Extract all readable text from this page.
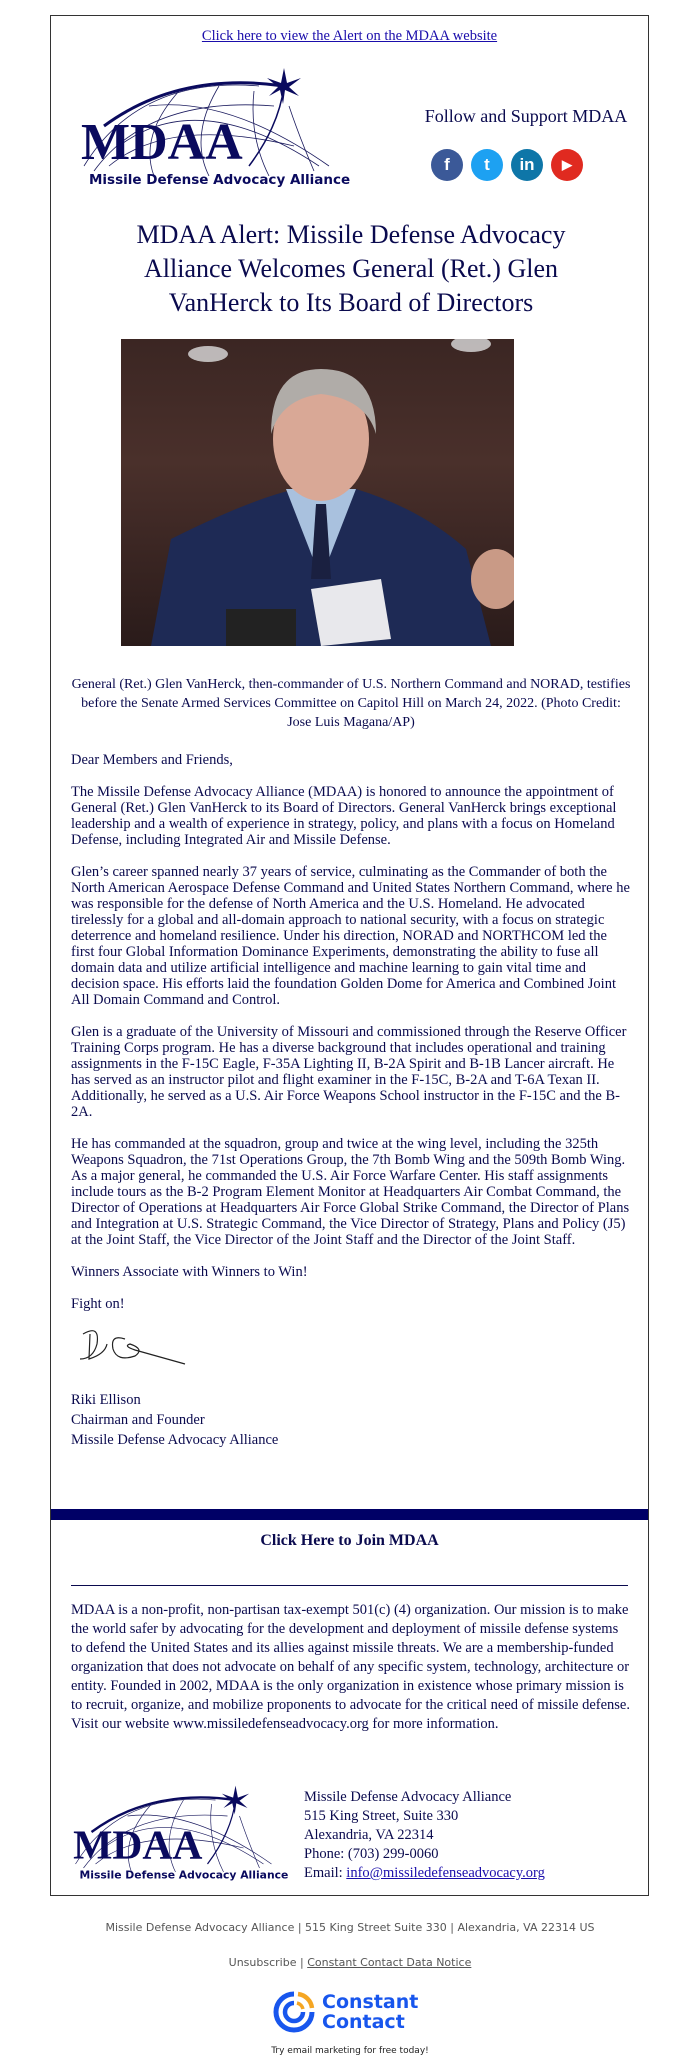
Click here to view the Alert on the MDAA website
MDAA
Missile Defense Advocacy Alliance
Follow and Support MDAA
f	t	in	▶
MDAA Alert: Missile Defense Advocacy Alliance Welcomes General (Ret.) Glen VanHerck to Its Board of Directors
General (Ret.) Glen VanHerck, then-commander of U.S. Northern Command and NORAD, testifies before the Senate Armed Services Committee on Capitol Hill on March 24, 2022. (Photo Credit: Jose Luis Magana/AP)

Dear Members and Friends,

The Missile Defense Advocacy Alliance (MDAA) is honored to announce the appointment of General (Ret.) Glen VanHerck to its Board of Directors. General VanHerck brings exceptional leadership and a wealth of experience in strategy, policy, and plans with a focus on Homeland Defense, including Integrated Air and Missile Defense.

Glen’s career spanned nearly 37 years of service, culminating as the Commander of both the North American Aerospace Defense Command and United States Northern Command, where he was responsible for the defense of North America and the U.S. Homeland. He advocated tirelessly for a global and all-domain approach to national security, with a focus on strategic deterrence and homeland resilience. Under his direction, NORAD and NORTHCOM led the first four Global Information Dominance Experiments, demonstrating the ability to fuse all domain data and utilize artificial intelligence and machine learning to gain vital time and decision space. His efforts laid the foundation Golden Dome for America and Combined Joint All Domain Command and Control.

Glen is a graduate of the University of Missouri and commissioned through the Reserve Officer Training Corps program. He has a diverse background that includes operational and training assignments in the F-15C Eagle, F-35A Lighting II, B-2A Spirit and B-1B Lancer aircraft. He has served as an instructor pilot and flight examiner in the F-15C, B-2A and T-6A Texan II. Additionally, he served as a U.S. Air Force Weapons School instructor in the F-15C and the B-2A.

He has commanded at the squadron, group and twice at the wing level, including the 325th Weapons Squadron, the 71st Operations Group, the 7th Bomb Wing and the 509th Bomb Wing. As a major general, he commanded the U.S. Air Force Warfare Center. His staff assignments include tours as the B-2 Program Element Monitor at Headquarters Air Combat Command, the Director of Operations at Headquarters Air Force Global Strike Command, the Director of Plans and Integration at U.S. Strategic Command, the Vice Director of Strategy, Plans and Policy (J5) at the Joint Staff, the Vice Director of the Joint Staff and the Director of the Joint Staff.

Winners Associate with Winners to Win!

Fight on!

Riki Ellison
Chairman and Founder
Missile Defense Advocacy Alliance
Click Here to Join MDAA
MDAA is a non-profit, non-partisan tax-exempt 501(c) (4) organization. Our mission is to make the world safer by advocating for the development and deployment of missile defense systems to defend the United States and its allies against missile threats. We are a membership-funded organization that does not advocate on behalf of any specific system, technology, architecture or entity. Founded in 2002, MDAA is the only organization in existence whose primary mission is to recruit, organize, and mobilize proponents to advocate for the critical need of missile defense. Visit our website www.missiledefenseadvocacy.org for more information.
MDAA
Missile Defense Advocacy Alliance
Missile Defense Advocacy Alliance
515 King Street, Suite 330
Alexandria, VA 22314
Phone: (703) 299-0060
Email: info@missiledefenseadvocacy.org
Missile Defense Advocacy Alliance | 515 King Street Suite 330 | Alexandria, VA 22314 US
Unsubscribe | Constant Contact Data Notice
Constant
Contact
Try email marketing for free today!
